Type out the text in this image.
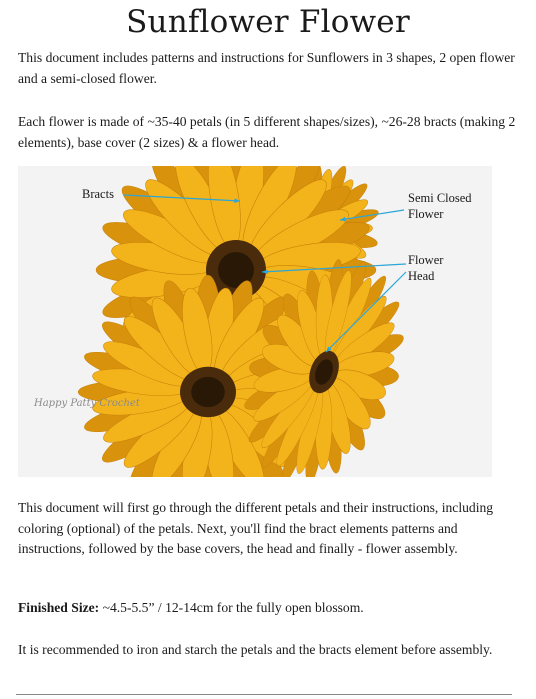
Sunflower Flower
This document includes patterns and instructions for Sunflowers in 3 shapes, 2 open flower and a semi-closed flower.
Each flower is made of ~35-40 petals (in 5 different shapes/sizes), ~26-28 bracts (making 2 elements), base cover (2 sizes) & a flower head.
Bracts	Semi Closed
Flower
Flower
Head
Happy Patty Crochet
This document will first go through the different petals and their instructions, including coloring (optional) of the petals. Next, you'll find the bract elements patterns and instructions, followed by the base covers, the head and finally - flower assembly.
Finished Size: ~4.5-5.5” / 12-14cm for the fully open blossom.
It is recommended to iron and starch the petals and the bracts element before assembly.
